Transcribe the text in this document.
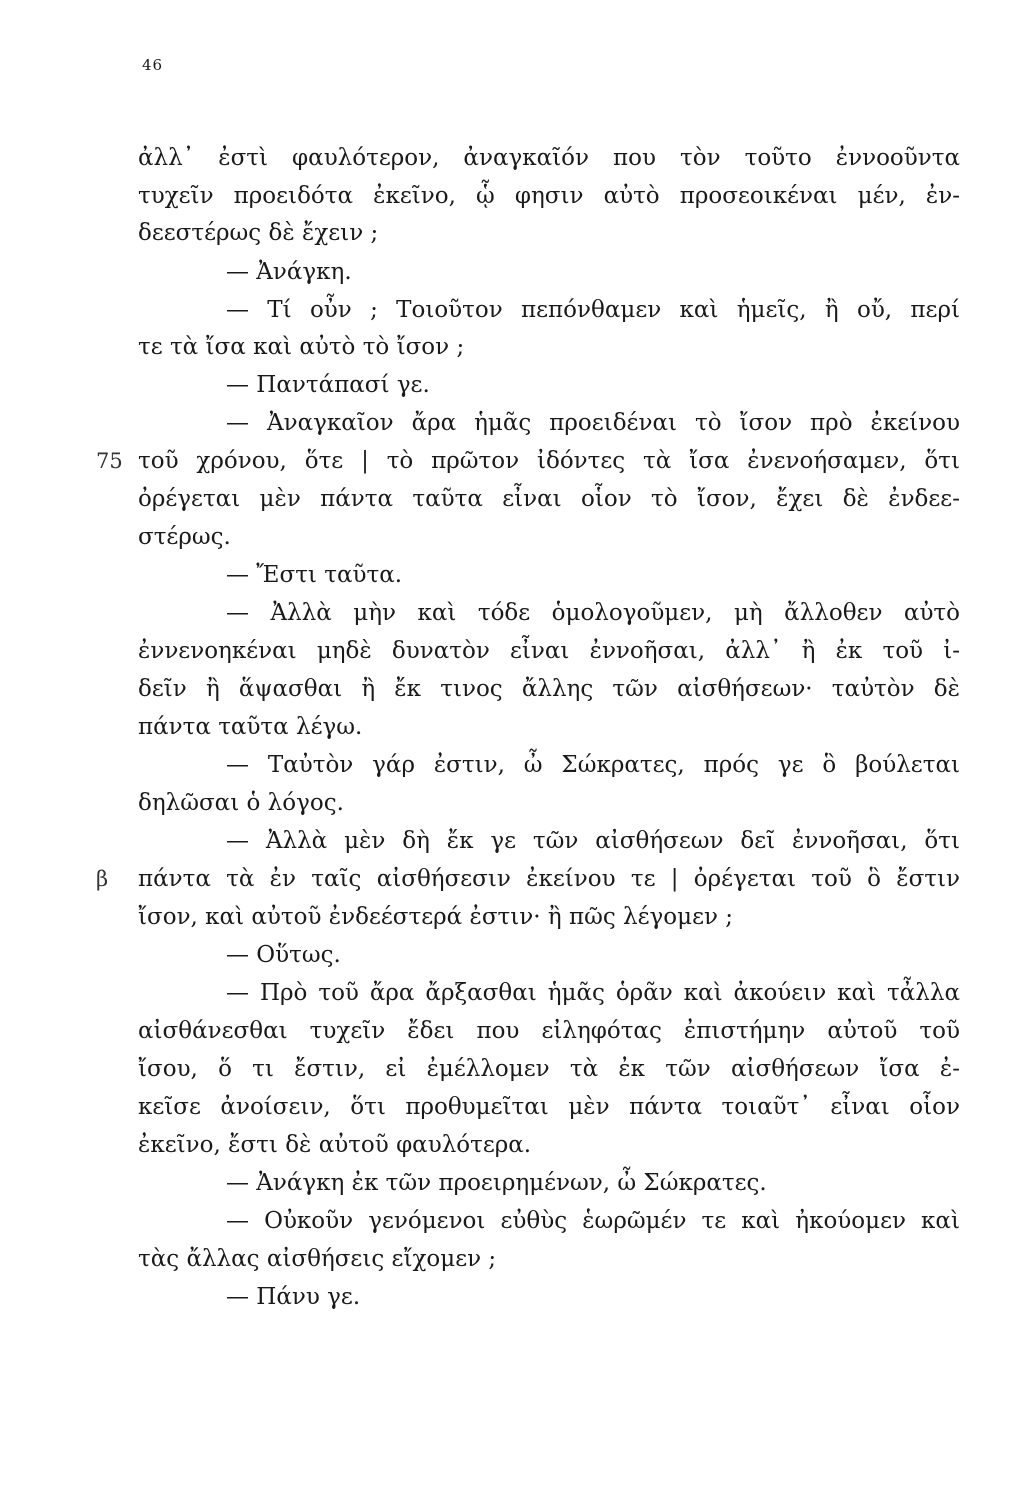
46
ἀλλ᾽ ἐστὶ φαυλότερον, ἀναγκαῖόν που τὸν τοῦτο ἐννοοῦντα
τυχεῖν προειδότα ἐκεῖνο, ᾧ φησιν αὐτὸ προσεοικέναι μέν, ἐν-
δεεστέρως δὲ ἔχειν ;
— Ἀνάγκη.
— Τί οὖν ; Τοιοῦτον πεπόνθαμεν καὶ ἡμεῖς, ἢ οὔ, περί
τε τὰ ἴσα καὶ αὐτὸ τὸ ἴσον ;
— Παντάπασί γε.
— Ἀναγκαῖον ἄρα ἡμᾶς προειδέναι τὸ ἴσον πρὸ ἐκείνου
75 τοῦ χρόνου, ὅτε | τὸ πρῶτον ἰδόντες τὰ ἴσα ἐνενοήσαμεν, ὅτι
ὀρέγεται μὲν πάντα ταῦτα εἶναι οἷον τὸ ἴσον, ἔχει δὲ ἐνδεε-
στέρως.
— Ἔστι ταῦτα.
— Ἀλλὰ μὴν καὶ τόδε ὁμολογοῦμεν, μὴ ἄλλοθεν αὐτὸ
ἐννενοηκέναι μηδὲ δυνατὸν εἶναι ἐννοῆσαι, ἀλλ᾽ ἢ ἐκ τοῦ ἰ-
δεῖν ἢ ἅψασθαι ἢ ἔκ τινος ἄλλης τῶν αἰσθήσεων· ταὐτὸν δὲ
πάντα ταῦτα λέγω.
— Ταὐτὸν γάρ ἐστιν, ὦ Σώκρατες, πρός γε ὃ βούλεται
δηλῶσαι ὁ λόγος.
— Ἀλλὰ μὲν δὴ ἔκ γε τῶν αἰσθήσεων δεῖ ἐννοῆσαι, ὅτι
β	πάντα τὰ ἐν ταῖς αἰσθήσεσιν ἐκείνου τε | ὀρέγεται τοῦ ὃ ἔστιν
ἴσον, καὶ αὐτοῦ ἐνδεέστερά ἐστιν· ἢ πῶς λέγομεν ;
— Οὕτως.
— Πρὸ τοῦ ἄρα ἄρξασθαι ἡμᾶς ὁρᾶν καὶ ἀκούειν καὶ τἆλλα
αἰσθάνεσθαι τυχεῖν ἔδει που εἰληφότας ἐπιστήμην αὐτοῦ τοῦ
ἴσου, ὅ τι ἔστιν, εἰ ἐμέλλομεν τὰ ἐκ τῶν αἰσθήσεων ἴσα ἐ-
κεῖσε ἀνοίσειν, ὅτι προθυμεῖται μὲν πάντα τοιαῦτ᾽ εἶναι οἷον
ἐκεῖνο, ἔστι δὲ αὐτοῦ φαυλότερα.
— Ἀνάγκη ἐκ τῶν προειρημένων, ὦ Σώκρατες.
— Οὐκοῦν γενόμενοι εὐθὺς ἑωρῶμέν τε καὶ ἠκούομεν καὶ
τὰς ἄλλας αἰσθήσεις εἴχομεν ;
— Πάνυ γε.
